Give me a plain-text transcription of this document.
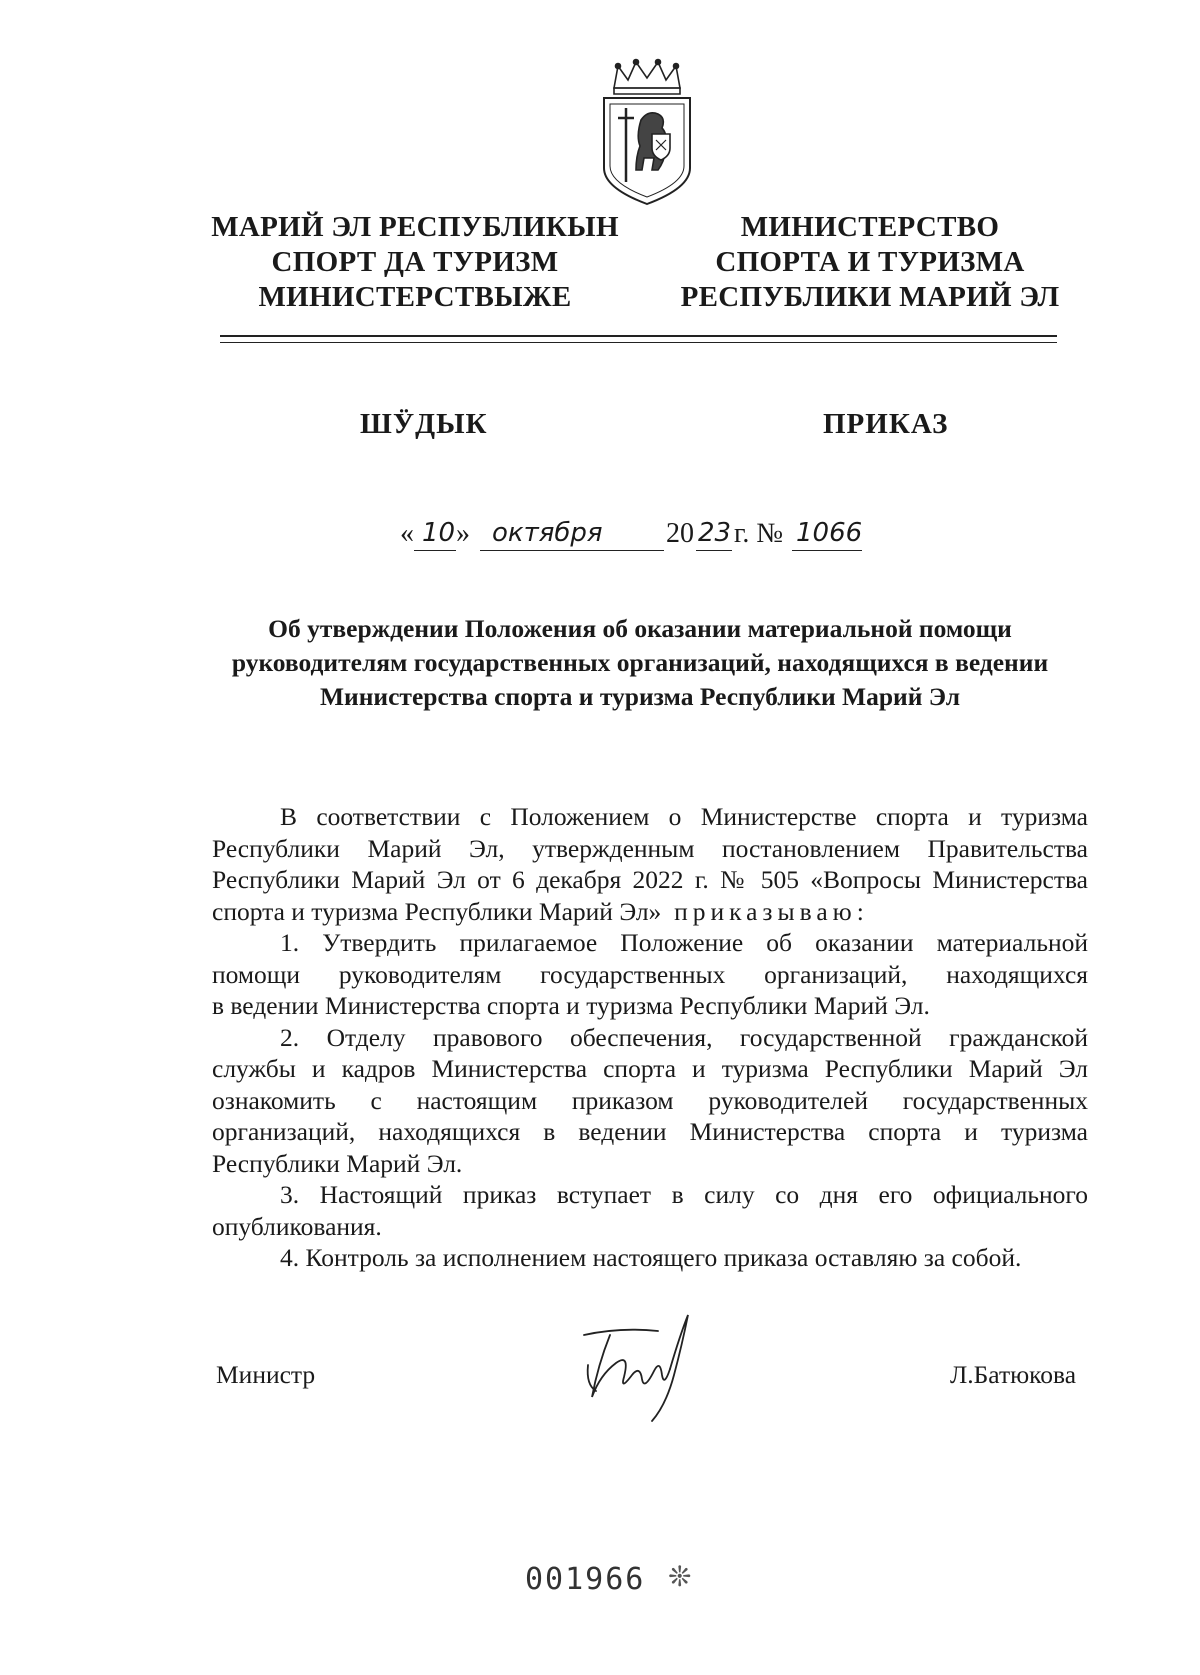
МАРИЙ ЭЛ РЕСПУБЛИКЫН
СПОРТ ДА ТУРИЗМ
МИНИСТЕРСТВЫЖЕ
МИНИСТЕРСТВО
СПОРТА И ТУРИЗМА
РЕСПУБЛИКИ МАРИЙ ЭЛ
ШӰДЫК	ПРИКАЗ
« 10 » октября 20 23 г. № 1066
Об утверждении Положения об оказании материальной помощи
руководителям государственных организаций, находящихся в ведении
Министерства спорта и туризма Республики Марий Эл
В соответствии с Положением о Министерстве спорта и туризма
Республики Марий Эл, утвержденным постановлением Правительства
Республики Марий Эл от 6 декабря 2022 г. № 505 «Вопросы Министерства
спорта и туризма Республики Марий Эл» приказываю:
1. Утвердить прилагаемое Положение об оказании материальной
помощи руководителям государственных организаций, находящихся
в ведении Министерства спорта и туризма Республики Марий Эл.
2. Отделу правового обеспечения, государственной гражданской
службы и кадров Министерства спорта и туризма Республики Марий Эл
ознакомить с настоящим приказом руководителей государственных
организаций, находящихся в ведении Министерства спорта и туризма
Республики Марий Эл.
3. Настоящий приказ вступает в силу со дня его официального
опубликования.
4. Контроль за исполнением настоящего приказа оставляю за собой.
Министр	Л.Батюкова
001966 ❊
